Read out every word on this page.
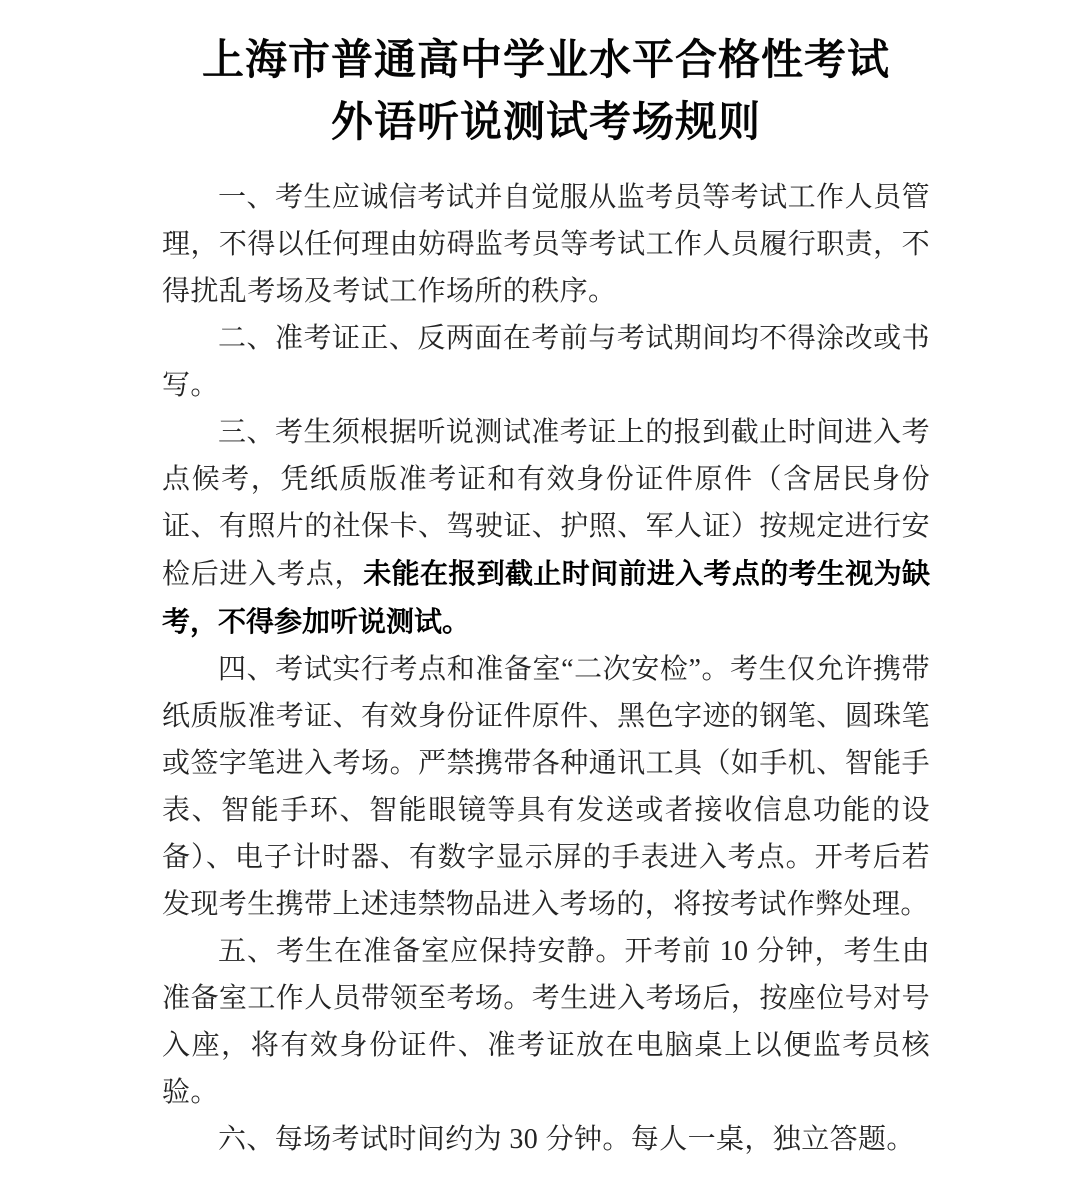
上海市普通高中学业水平合格性考试
外语听说测试考场规则

一、考生应诚信考试并自觉服从监考员等考试工作人员管理，不得以任何理由妨碍监考员等考试工作人员履行职责，不得扰乱考场及考试工作场所的秩序。

二、准考证正、反两面在考前与考试期间均不得涂改或书写。

三、考生须根据听说测试准考证上的报到截止时间进入考点候考，凭纸质版准考证和有效身份证件原件（含居民身份证、有照片的社保卡、驾驶证、护照、军人证）按规定进行安检后进入考点，未能在报到截止时间前进入考点的考生视为缺考，不得参加听说测试。

四、考试实行考点和准备室“二次安检”。考生仅允许携带纸质版准考证、有效身份证件原件、黑色字迹的钢笔、圆珠笔或签字笔进入考场。严禁携带各种通讯工具（如手机、智能手表、智能手环、智能眼镜等具有发送或者接收信息功能的设备）、电子计时器、有数字显示屏的手表进入考点。开考后若发现考生携带上述违禁物品进入考场的，将按考试作弊处理。

五、考生在准备室应保持安静。开考前 10 分钟，考生由准备室工作人员带领至考场。考生进入考场后，按座位号对号入座，将有效身份证件、准考证放在电脑桌上以便监考员核验。

六、每场考试时间约为 30 分钟。每人一桌，独立答题。
